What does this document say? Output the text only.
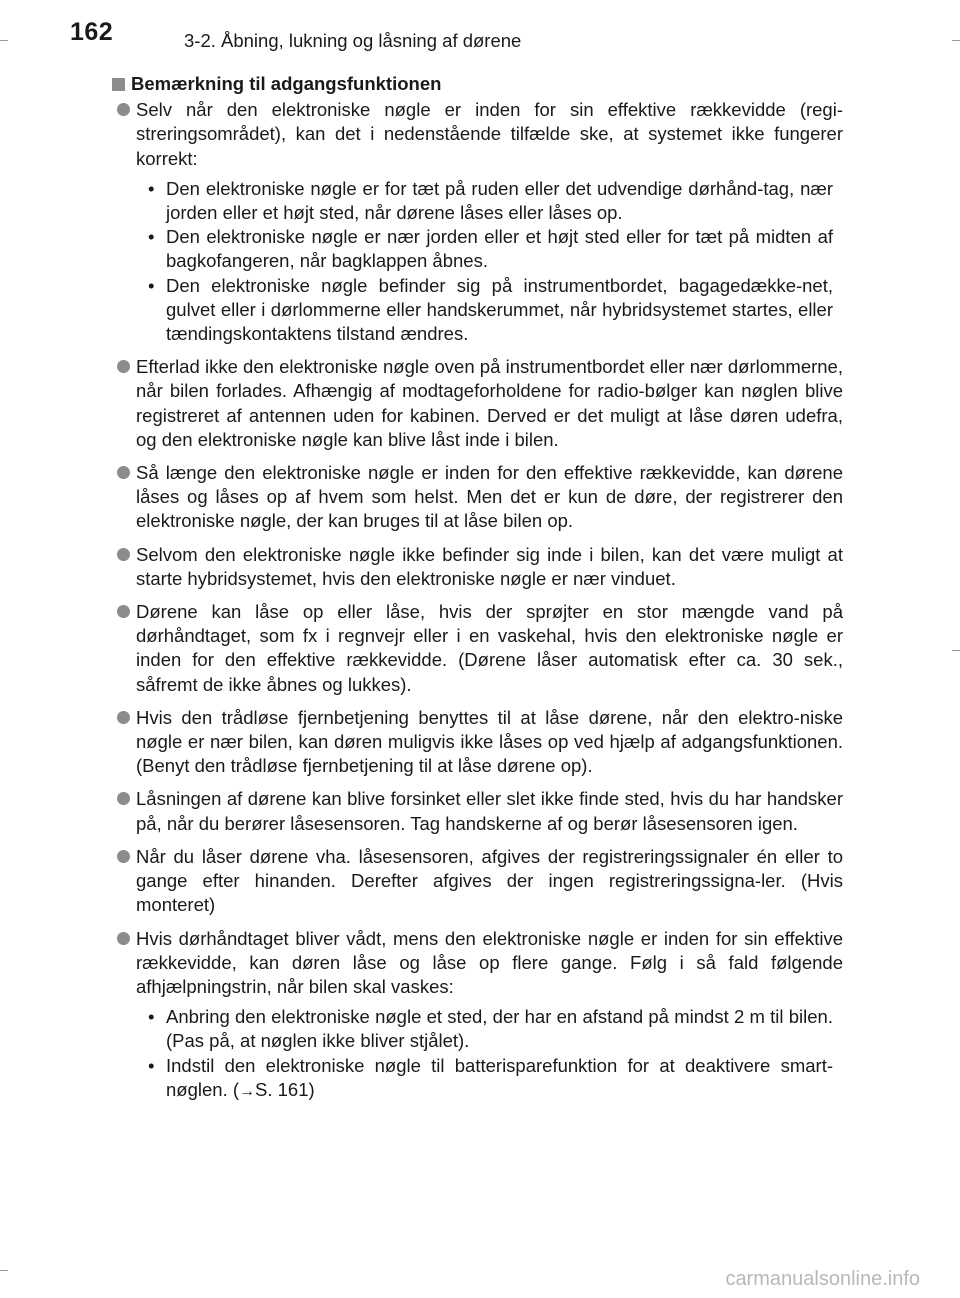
162	3-2. Åbning, lukning og låsning af dørene
Bemærkning til adgangsfunktionen
Selv når den elektroniske nøgle er inden for sin effektive rækkevidde (regi-streringsområdet), kan det i nedenstående tilfælde ske, at systemet ikke fungerer korrekt:
• Den elektroniske nøgle er for tæt på ruden eller det udvendige dørhånd-tag, nær jorden eller et højt sted, når dørene låses eller låses op.
• Den elektroniske nøgle er nær jorden eller et højt sted eller for tæt på midten af bagkofangeren, når bagklappen åbnes.
• Den elektroniske nøgle befinder sig på instrumentbordet, bagagedække-net, gulvet eller i dørlommerne eller handskerummet, når hybridsystemet startes, eller tændingskontaktens tilstand ændres.
Efterlad ikke den elektroniske nøgle oven på instrumentbordet eller nær dørlommerne, når bilen forlades. Afhængig af modtageforholdene for radio-bølger kan nøglen blive registreret af antennen uden for kabinen. Derved er det muligt at låse døren udefra, og den elektroniske nøgle kan blive låst inde i bilen.
Så længe den elektroniske nøgle er inden for den effektive rækkevidde, kan dørene låses og låses op af hvem som helst. Men det er kun de døre, der registrerer den elektroniske nøgle, der kan bruges til at låse bilen op.
Selvom den elektroniske nøgle ikke befinder sig inde i bilen, kan det være muligt at starte hybridsystemet, hvis den elektroniske nøgle er nær vinduet.
Dørene kan låse op eller låse, hvis der sprøjter en stor mængde vand på dørhåndtaget, som fx i regnvejr eller i en vaskehal, hvis den elektroniske nøgle er inden for den effektive rækkevidde. (Dørene låser automatisk efter ca. 30 sek., såfremt de ikke åbnes og lukkes).
Hvis den trådløse fjernbetjening benyttes til at låse dørene, når den elektro-niske nøgle er nær bilen, kan døren muligvis ikke låses op ved hjælp af adgangsfunktionen. (Benyt den trådløse fjernbetjening til at låse dørene op).
Låsningen af dørene kan blive forsinket eller slet ikke finde sted, hvis du har handsker på, når du berører låsesensoren. Tag handskerne af og berør låsesensoren igen.
Når du låser dørene vha. låsesensoren, afgives der registreringssignaler én eller to gange efter hinanden. Derefter afgives der ingen registreringssigna-ler. (Hvis monteret)
Hvis dørhåndtaget bliver vådt, mens den elektroniske nøgle er inden for sin effektive rækkevidde, kan døren låse og låse op flere gange. Følg i så fald følgende afhjælpningstrin, når bilen skal vaskes:
• Anbring den elektroniske nøgle et sted, der har en afstand på mindst 2 m til bilen. (Pas på, at nøglen ikke bliver stjålet).
• Indstil den elektroniske nøgle til batterisparefunktion for at deaktivere smart-nøglen. (→S. 161)
carmanualsonline.info
